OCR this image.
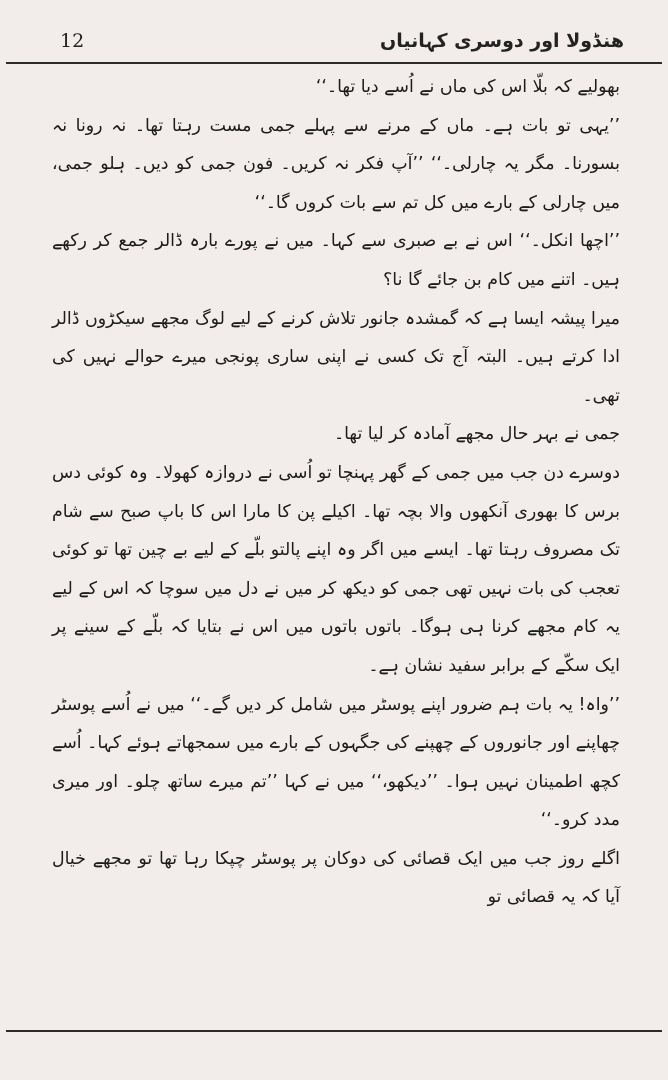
12	ھنڈولا اور دوسری کہانیاں

بھولیے کہ بلّا اس کی ماں نے اُسے دیا تھا۔‘‘

’’یہی تو بات ہے۔ ماں کے مرنے سے پہلے جمی مست رہتا تھا۔ نہ رونا نہ بسورنا۔ مگر یہ چارلی۔‘‘ ’’آپ فکر نہ کریں۔ فون جمی کو دیں۔ ہلو جمی، میں چارلی کے بارے میں کل تم سے بات کروں گا۔‘‘

’’اچھا انکل۔‘‘ اس نے بے صبری سے کہا۔ میں نے پورے بارہ ڈالر جمع کر رکھے ہیں۔ اتنے میں کام بن جائے گا نا؟

میرا پیشہ ایسا ہے کہ گمشدہ جانور تلاش کرنے کے لیے لوگ مجھے سیکڑوں ڈالر ادا کرتے ہیں۔ البتہ آج تک کسی نے اپنی ساری پونجی میرے حوالے نہیں کی تھی۔

جمی نے بہر حال مجھے آمادہ کر لیا تھا۔

دوسرے دن جب میں جمی کے گھر پہنچا تو اُسی نے دروازہ کھولا۔ وہ کوئی دس برس کا بھوری آنکھوں والا بچہ تھا۔ اکیلے پن کا مارا اس کا باپ صبح سے شام تک مصروف رہتا تھا۔ ایسے میں اگر وہ اپنے پالتو بلّے کے لیے بے چین تھا تو کوئی تعجب کی بات نہیں تھی جمی کو دیکھ کر میں نے دل میں سوچا کہ اس کے لیے یہ کام مجھے کرنا ہی ہوگا۔ باتوں باتوں میں اس نے بتایا کہ بلّے کے سینے پر ایک سکّے کے برابر سفید نشان ہے۔

’’واہ! یہ بات ہم ضرور اپنے پوسٹر میں شامل کر دیں گے۔‘‘ میں نے اُسے پوسٹر چھاپنے اور جانوروں کے چھپنے کی جگہوں کے بارے میں سمجھاتے ہوئے کہا۔ اُسے کچھ اطمینان نہیں ہوا۔ ’’دیکھو،‘‘ میں نے کہا ’’تم میرے ساتھ چلو۔ اور میری مدد کرو۔‘‘

اگلے روز جب میں ایک قصائی کی دوکان پر پوسٹر چپکا رہا تھا تو مجھے خیال آیا کہ یہ قصائی تو
